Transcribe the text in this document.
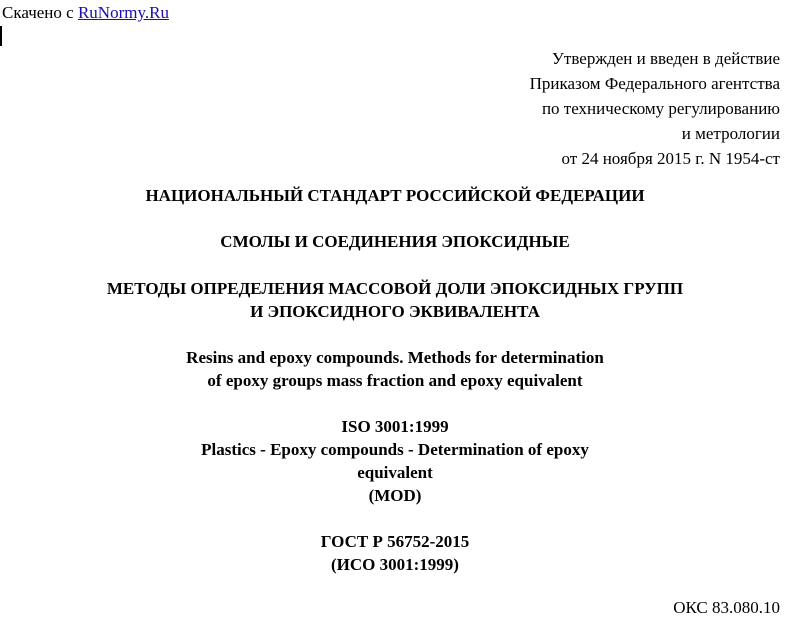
Скачено с RuNormy.Ru
Утвержден и введен в действие
Приказом Федерального агентства
по техническому регулированию
и метрологии
от 24 ноября 2015 г. N 1954-ст
НАЦИОНАЛЬНЫЙ СТАНДАРТ РОССИЙСКОЙ ФЕДЕРАЦИИ
СМОЛЫ И СОЕДИНЕНИЯ ЭПОКСИДНЫЕ
МЕТОДЫ ОПРЕДЕЛЕНИЯ МАССОВОЙ ДОЛИ ЭПОКСИДНЫХ ГРУПП
И ЭПОКСИДНОГО ЭКВИВАЛЕНТА
Resins and epoxy compounds. Methods for determination
of epoxy groups mass fraction and epoxy equivalent
ISO 3001:1999
Plastics - Epoxy compounds - Determination of epoxy
equivalent
(MOD)
ГОСТ Р 56752-2015
(ИСО 3001:1999)
ОКС 83.080.10
